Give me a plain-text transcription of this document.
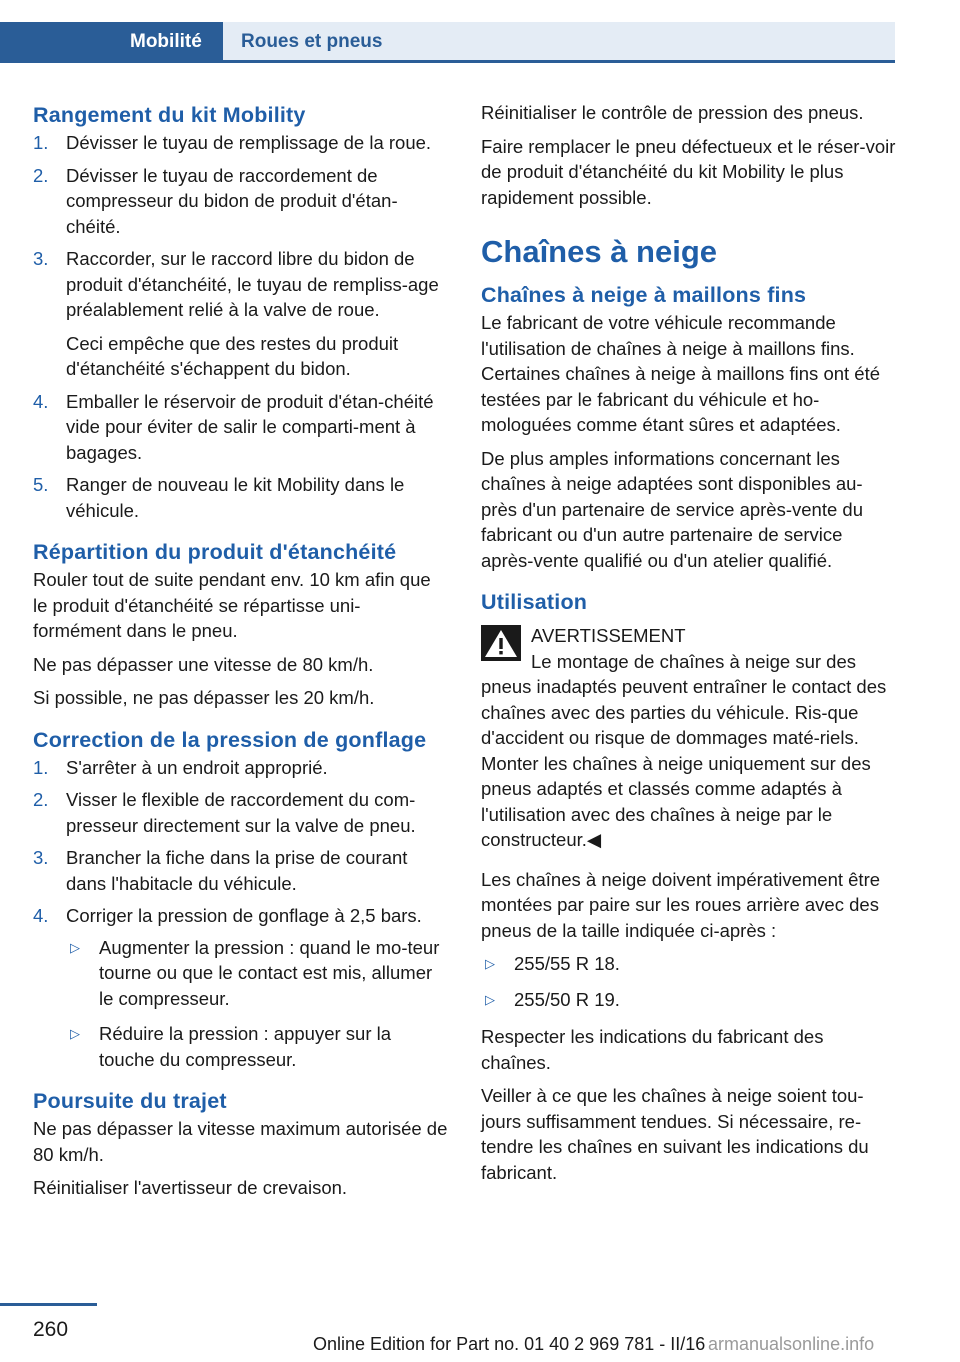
Mobilité	Roues et pneus
Rangement du kit Mobility
1. Dévisser le tuyau de remplissage de la roue.
2. Dévisser le tuyau de raccordement de compresseur du bidon de produit d'étan‐chéité.
3. Raccorder, sur le raccord libre du bidon de produit d'étanchéité, le tuyau de rempliss‐age préalablement relié à la valve de roue.

Ceci empêche que des restes du produit d'étanchéité s'échappent du bidon.

4. Emballer le réservoir de produit d'étan‐chéité vide pour éviter de salir le comparti‐ment à bagages.
5. Ranger de nouveau le kit Mobility dans le véhicule.
Répartition du produit d'étanchéité

Rouler tout de suite pendant env. 10 km afin que le produit d'étanchéité se répartisse uni‐formément dans le pneu.

Ne pas dépasser une vitesse de 80 km/h.

Si possible, ne pas dépasser les 20 km/h.

Correction de la pression de gonflage
1. S'arrêter à un endroit approprié.
2. Visser le flexible de raccordement du com‐presseur directement sur la valve de pneu.
3. Brancher la fiche dans la prise de courant dans l'habitacle du véhicule.
4. Corriger la pression de gonflage à 2,5 bars.
▷ Augmenter la pression : quand le mo‐teur tourne ou que le contact est mis, allumer le compresseur.
▷ Réduire la pression : appuyer sur la touche du compresseur.
Poursuite du trajet

Ne pas dépasser la vitesse maximum autorisée de 80 km/h.

Réinitialiser l'avertisseur de crevaison.

Réinitialiser le contrôle de pression des pneus.

Faire remplacer le pneu défectueux et le réser‐voir de produit d'étanchéité du kit Mobility le plus rapidement possible.

Chaînes à neige
Chaînes à neige à maillons fins

Le fabricant de votre véhicule recommande l'utilisation de chaînes à neige à maillons fins. Certaines chaînes à neige à maillons fins ont été testées par le fabricant du véhicule et ho‐mologuées comme étant sûres et adaptées.

De plus amples informations concernant les chaînes à neige adaptées sont disponibles au‐près d'un partenaire de service après-vente du fabricant ou d'un autre partenaire de service après-vente qualifié ou d'un atelier qualifié.

Utilisation
AVERTISSEMENT
Le montage de chaînes à neige sur des

pneus inadaptés peuvent entraîner le contact des chaînes avec des parties du véhicule. Ris‐que d'accident ou risque de dommages maté‐riels. Monter les chaînes à neige uniquement sur des pneus adaptés et classés comme adaptés à l'utilisation avec des chaînes à neige par le constructeur.◀

Les chaînes à neige doivent impérativement être montées par paire sur les roues arrière avec des pneus de la taille indiquée ci-après :

▷ 255/55 R 18.
▷ 255/50 R 19.

Respecter les indications du fabricant des chaînes.

Veiller à ce que les chaînes à neige soient tou‐jours suffisamment tendues. Si nécessaire, re‐tendre les chaînes en suivant les indications du fabricant.

260
Online Edition for Part no. 01 40 2 969 781 - II/16 armanualsonline.info
